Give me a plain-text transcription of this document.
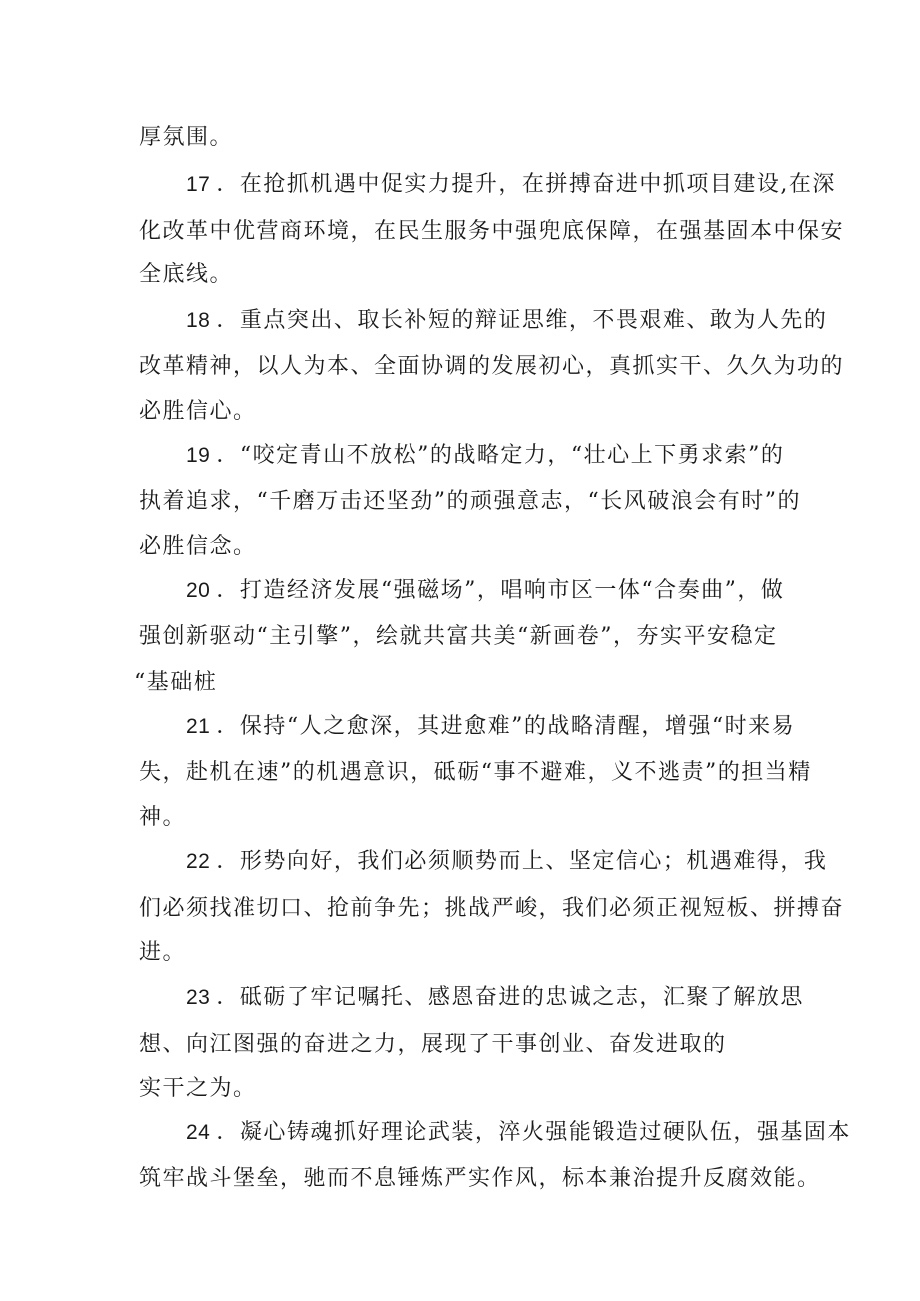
厚氛围。
17 ．在抢抓机遇中促实力提升，在拼搏奋进中抓项目建设,在深
化改革中优营商环境，在民生服务中强兜底保障，在强基固本中保安
全底线。
18 ．重点突出、取长补短的辩证思维，不畏艰难、敢为人先的
改革精神，以人为本、全面协调的发展初心，真抓实干、久久为功的
必胜信心。
19 ．“咬定青山不放松”的战略定力，“壮心上下勇求索”的
执着追求，“千磨万击还坚劲”的顽强意志，“长风破浪会有时”的
必胜信念。
20 ．打造经济发展“强磁场”，唱响市区一体“合奏曲”，做
强创新驱动“主引擎”，绘就共富共美“新画卷”，夯实平安稳定
“基础桩
21 ．保持“人之愈深，其进愈难”的战略清醒，增强“时来易
失，赴机在速”的机遇意识，砥砺“事不避难，义不逃责”的担当精
神。
22 ．形势向好，我们必须顺势而上、坚定信心；机遇难得，我
们必须找准切口、抢前争先；挑战严峻，我们必须正视短板、拼搏奋
进。
23 ．砥砺了牢记嘱托、感恩奋进的忠诚之志，汇聚了解放思
想、向江图强的奋进之力，展现了干事创业、奋发进取的
实干之为。
24 ．凝心铸魂抓好理论武装，淬火强能锻造过硬队伍，强基固本
筑牢战斗堡垒，驰而不息锤炼严实作风，标本兼治提升反腐效能。
